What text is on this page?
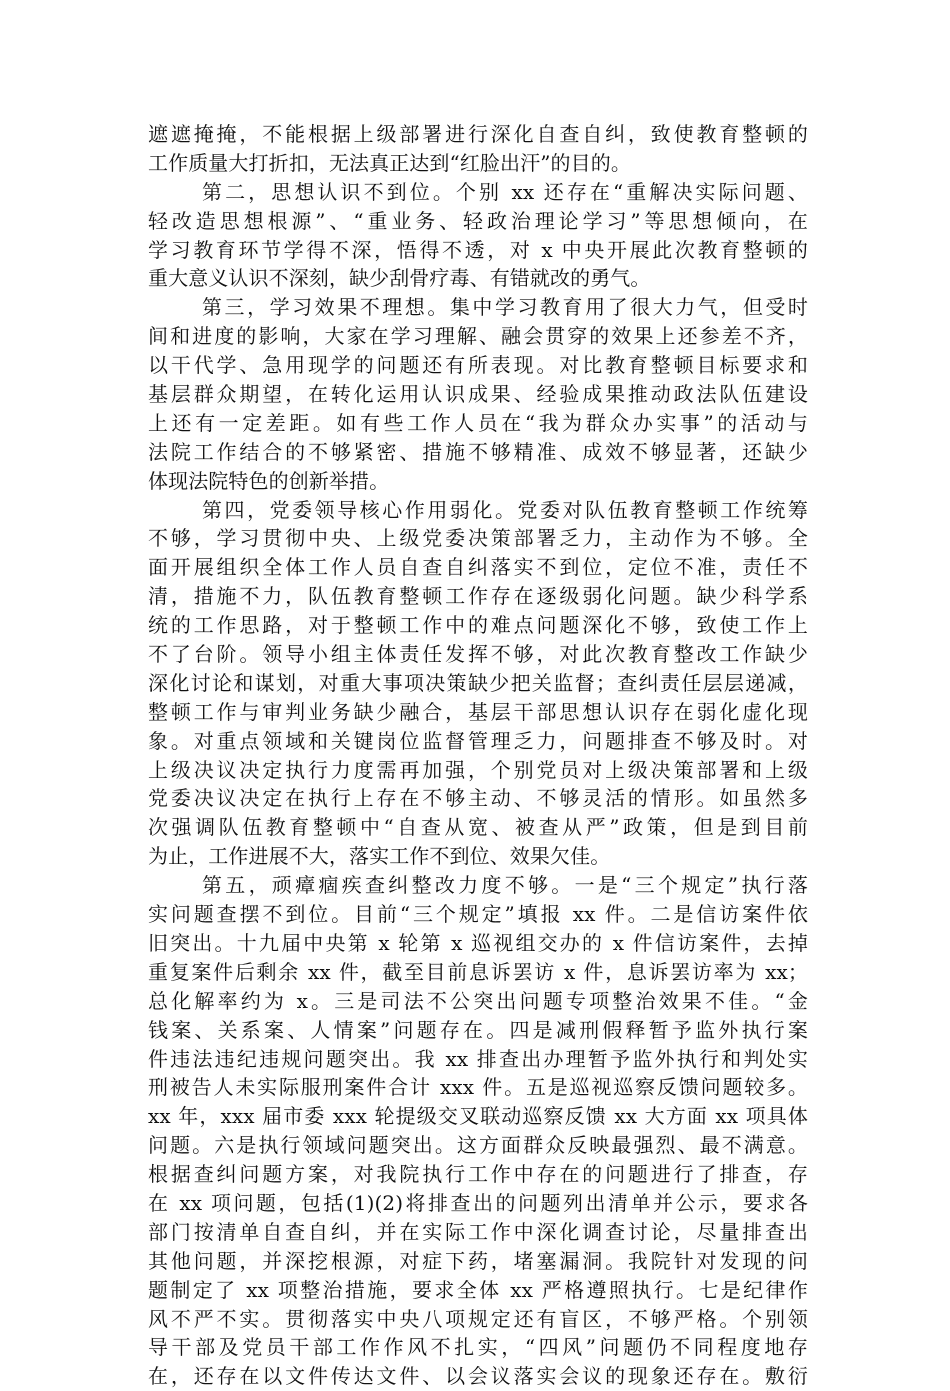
遮遮掩掩，不能根据上级部署进行深化自查自纠，致使教育整顿的
工作质量大打折扣，无法真正达到“红脸出汗”的目的。
第二，思想认识不到位。个别 xx 还存在“重解决实际问题、
轻改造思想根源”、“重业务、轻政治理论学习”等思想倾向，在
学习教育环节学得不深，悟得不透，对 x 中央开展此次教育整顿的
重大意义认识不深刻，缺少刮骨疗毒、有错就改的勇气。
第三，学习效果不理想。集中学习教育用了很大力气，但受时
间和进度的影响，大家在学习理解、融会贯穿的效果上还参差不齐，
以干代学、急用现学的问题还有所表现。对比教育整顿目标要求和
基层群众期望，在转化运用认识成果、经验成果推动政法队伍建设
上还有一定差距。如有些工作人员在“我为群众办实事”的活动与
法院工作结合的不够紧密、措施不够精准、成效不够显著，还缺少
体现法院特色的创新举措。
第四，党委领导核心作用弱化。党委对队伍教育整顿工作统筹
不够，学习贯彻中央、上级党委决策部署乏力，主动作为不够。全
面开展组织全体工作人员自查自纠落实不到位，定位不准，责任不
清，措施不力，队伍教育整顿工作存在逐级弱化问题。缺少科学系
统的工作思路，对于整顿工作中的难点问题深化不够，致使工作上
不了台阶。领导小组主体责任发挥不够，对此次教育整改工作缺少
深化讨论和谋划，对重大事项决策缺少把关监督；查纠责任层层递减，
整顿工作与审判业务缺少融合，基层干部思想认识存在弱化虚化现
象。对重点领域和关键岗位监督管理乏力，问题排查不够及时。对
上级决议决定执行力度需再加强，个别党员对上级决策部署和上级
党委决议决定在执行上存在不够主动、不够灵活的情形。如虽然多
次强调队伍教育整顿中“自查从宽、被查从严”政策，但是到目前
为止，工作进展不大，落实工作不到位、效果欠佳。
第五，顽瘴痼疾查纠整改力度不够。一是“三个规定”执行落
实问题查摆不到位。目前“三个规定”填报 xx 件。二是信访案件依
旧突出。十九届中央第 x 轮第 x 巡视组交办的 x 件信访案件，去掉
重复案件后剩余 xx 件，截至目前息诉罢访 x 件，息诉罢访率为 xx；
总化解率约为 x。三是司法不公突出问题专项整治效果不佳。“金
钱案、关系案、人情案”问题存在。四是减刑假释暂予监外执行案
件违法违纪违规问题突出。我 xx 排查出办理暂予监外执行和判处实
刑被告人未实际服刑案件合计 xxx 件。五是巡视巡察反馈问题较多。
xx 年，xxx 届市委 xxx 轮提级交叉联动巡察反馈 xx 大方面 xx 项具体
问题。六是执行领域问题突出。这方面群众反映最强烈、最不满意。
根据查纠问题方案，对我院执行工作中存在的问题进行了排查，存
在 xx 项问题，包括(1)(2)将排查出的问题列出清单并公示，要求各
部门按清单自查自纠，并在实际工作中深化调查讨论，尽量排查出
其他问题，并深挖根源，对症下药，堵塞漏洞。我院针对发现的问
题制定了 xx 项整治措施，要求全体 xx 严格遵照执行。七是纪律作
风不严不实。贯彻落实中央八项规定还有盲区，不够严格。个别领
导干部及党员干部工作作风不扎实，“四风”问题仍不同程度地存
在，还存在以文件传达文件、以会议落实会议的现象还存在。敷衍
